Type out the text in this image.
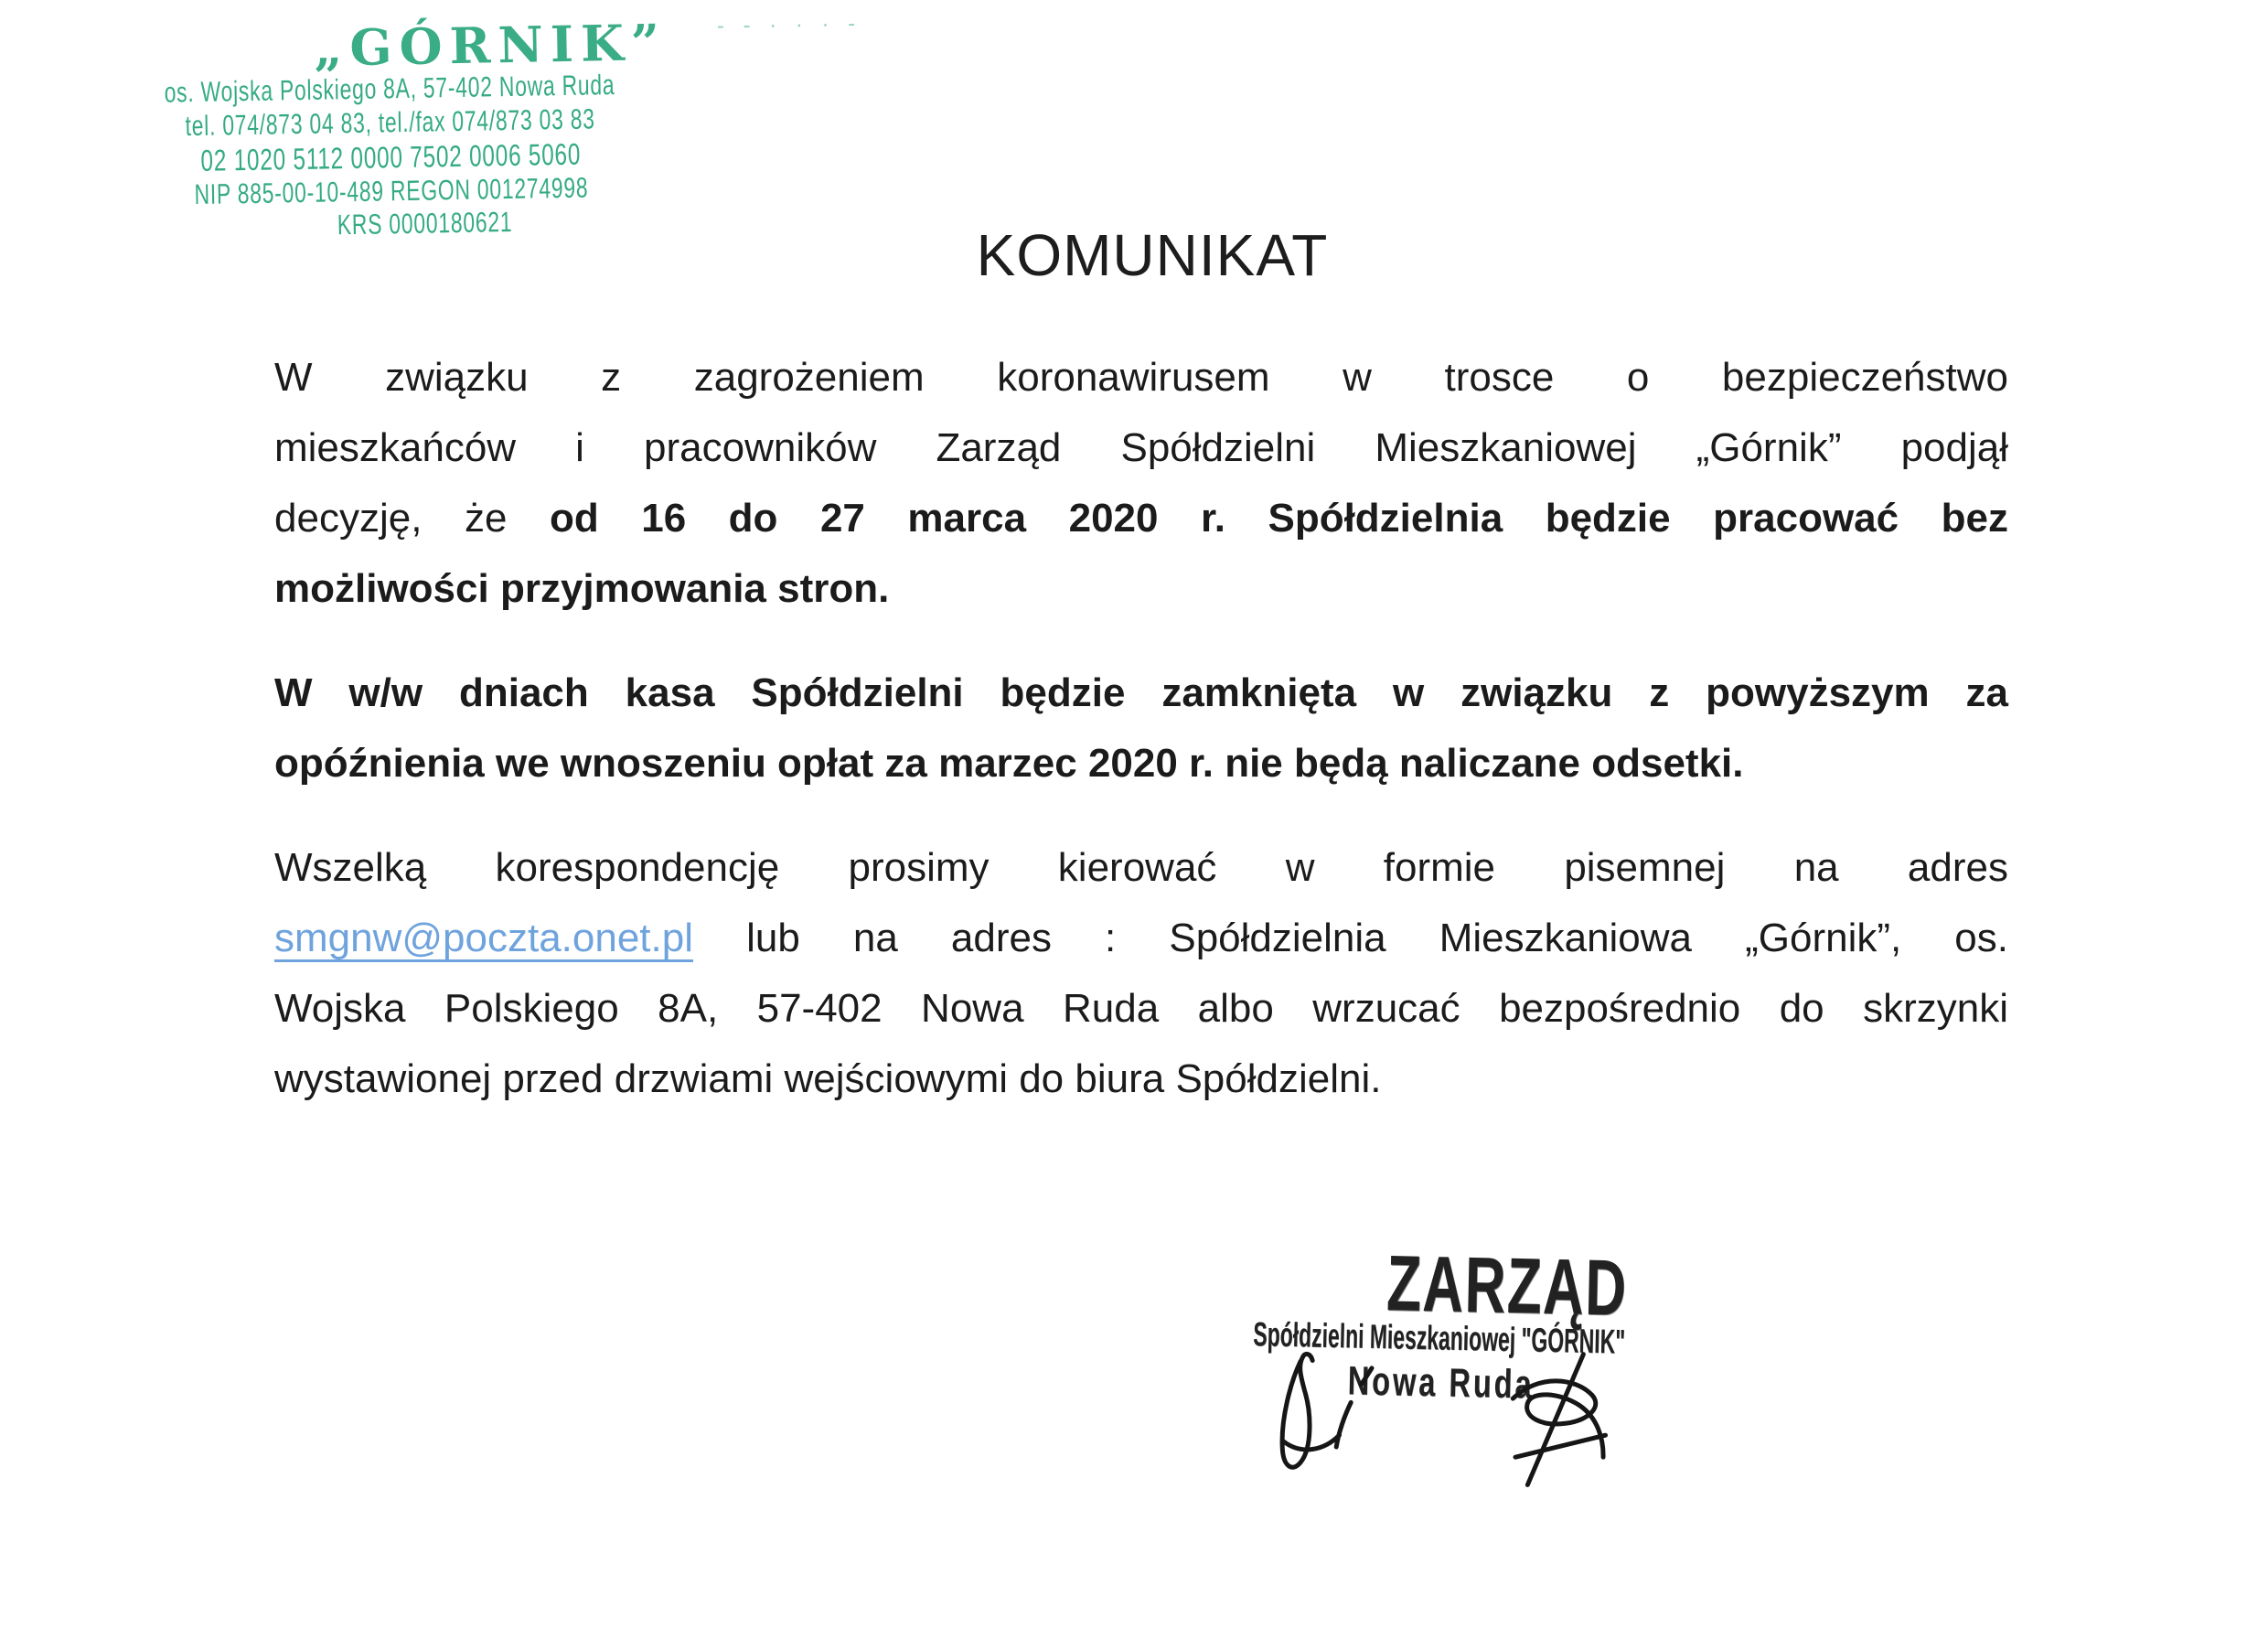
- ‐ · · · -
„GÓRNIK”
os. Wojska Polskiego 8A, 57-402 Nowa Ruda
tel. 074/873 04 83, tel./fax 074/873 03 83
02 1020 5112 0000 7502 0006 5060
NIP 885-00-10-489 REGON 001274998
KRS 0000180621	KOMUNIKAT
W związku z zagrożeniem koronawirusem w trosce o bezpieczeństwo
mieszkańców i pracowników Zarząd Spółdzielni Mieszkaniowej „Górnik” podjął
decyzję, że od 16 do 27 marca 2020 r. Spółdzielnia będzie pracować bez
możliwości przyjmowania stron.
W w/w dniach kasa Spółdzielni będzie zamknięta w związku z powyższym za
opóźnienia we wnoszeniu opłat za marzec 2020 r. nie będą naliczane odsetki.
Wszelką korespondencję prosimy kierować w formie pisemnej na adres
smgnw@poczta.onet.pl lub na adres : Spółdzielnia Mieszkaniowa „Górnik”, os.
Wojska Polskiego 8A, 57-402 Nowa Ruda albo wrzucać bezpośrednio do skrzynki
wystawionej przed drzwiami wejściowymi do biura Spółdzielni.
ZARZĄD
Spółdzielni Mieszkaniowej "GÓRNIK"
Nowa Ruda
